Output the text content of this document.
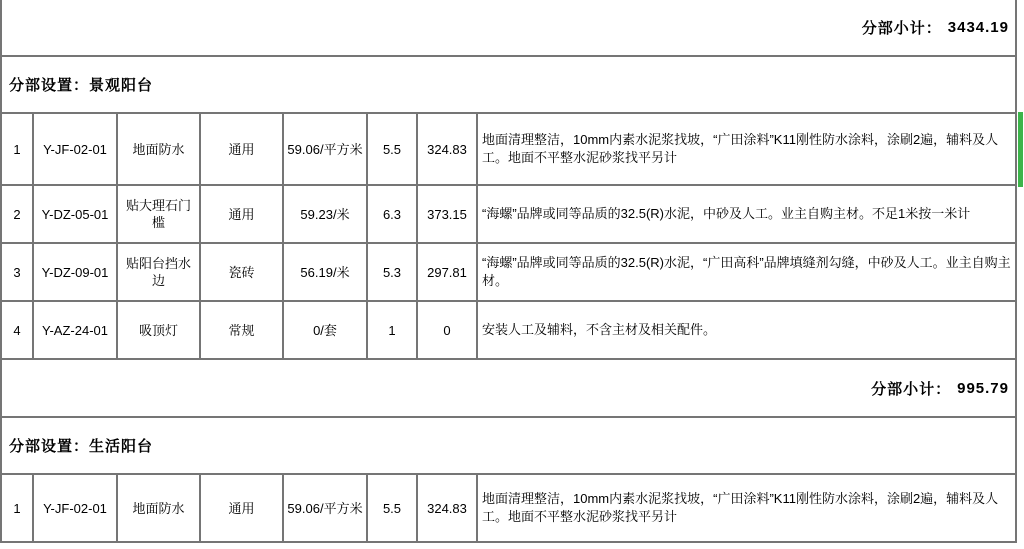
分部小计： 3434.19
分部设置： 景观阳台
1	Y-JF-02-01	地面防水	通用	59.06/平方米	5.5	324.83	地面清理整洁，10mm内素水泥浆找坡，“广田涂料”K11刚性防水涂料，涂刷2遍，辅料及人工。地面不平整水泥砂浆找平另计
2	Y-DZ-05-01	贴大理石门槛	通用	59.23/米	6.3	373.15	“海螺”品牌或同等品质的32.5(R)水泥，中砂及人工。业主自购主材。不足1米按一米计
3	Y-DZ-09-01	贴阳台挡水边	瓷砖	56.19/米	5.3	297.81	“海螺”品牌或同等品质的32.5(R)水泥，“广田高科”品牌填缝剂勾缝，中砂及人工。业主自购主材。
4	Y-AZ-24-01	吸顶灯	常规	0/套	1	0	安装人工及辅料，不含主材及相关配件。
分部小计： 995.79
分部设置： 生活阳台
1	Y-JF-02-01	地面防水	通用	59.06/平方米	5.5	324.83	地面清理整洁，10mm内素水泥浆找坡，“广田涂料”K11刚性防水涂料，涂刷2遍，辅料及人工。地面不平整水泥砂浆找平另计
